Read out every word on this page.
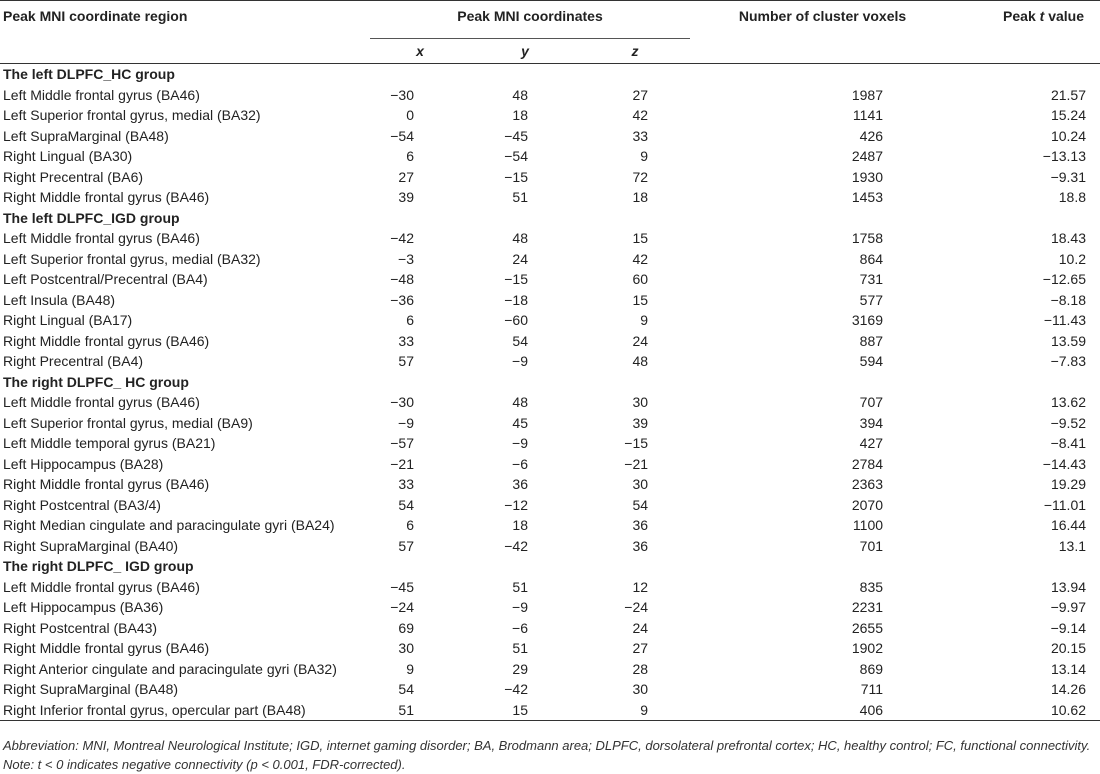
Peak MNI coordinate region	Peak MNI coordinates			Number of cluster voxels	Peak t value
	x	y	z		
The left DLPFC_HC group					
Left Middle frontal gyrus (BA46)	−30	48	27	1987	21.57
Left Superior frontal gyrus, medial (BA32)	0	18	42	1141	15.24
Left SupraMarginal (BA48)	−54	−45	33	426	10.24
Right Lingual (BA30)	6	−54	9	2487	−13.13
Right Precentral (BA6)	27	−15	72	1930	−9.31
Right Middle frontal gyrus (BA46)	39	51	18	1453	18.8
The left DLPFC_IGD group					
Left Middle frontal gyrus (BA46)	−42	48	15	1758	18.43
Left Superior frontal gyrus, medial (BA32)	−3	24	42	864	10.2
Left Postcentral/Precentral (BA4)	−48	−15	60	731	−12.65
Left Insula (BA48)	−36	−18	15	577	−8.18
Right Lingual (BA17)	6	−60	9	3169	−11.43
Right Middle frontal gyrus (BA46)	33	54	24	887	13.59
Right Precentral (BA4)	57	−9	48	594	−7.83
The right DLPFC_ HC group					
Left Middle frontal gyrus (BA46)	−30	48	30	707	13.62
Left Superior frontal gyrus, medial (BA9)	−9	45	39	394	−9.52
Left Middle temporal gyrus (BA21)	−57	−9	−15	427	−8.41
Left Hippocampus (BA28)	−21	−6	−21	2784	−14.43
Right Middle frontal gyrus (BA46)	33	36	30	2363	19.29
Right Postcentral (BA3/4)	54	−12	54	2070	−11.01
Right Median cingulate and paracingulate gyri (BA24)	6	18	36	1100	16.44
Right SupraMarginal (BA40)	57	−42	36	701	13.1
The right DLPFC_ IGD group					
Left Middle frontal gyrus (BA46)	−45	51	12	835	13.94
Left Hippocampus (BA36)	−24	−9	−24	2231	−9.97
Right Postcentral (BA43)	69	−6	24	2655	−9.14
Right Middle frontal gyrus (BA46)	30	51	27	1902	20.15
Right Anterior cingulate and paracingulate gyri (BA32)	9	29	28	869	13.14
Right SupraMarginal (BA48)	54	−42	30	711	14.26
Right Inferior frontal gyrus, opercular part (BA48)	51	15	9	406	10.62
Abbreviation: MNI, Montreal Neurological Institute; IGD, internet gaming disorder; BA, Brodmann area; DLPFC, dorsolateral prefrontal cortex; HC, healthy control; FC, functional connectivity. Note: t < 0 indicates negative connectivity (p < 0.001, FDR-corrected).
